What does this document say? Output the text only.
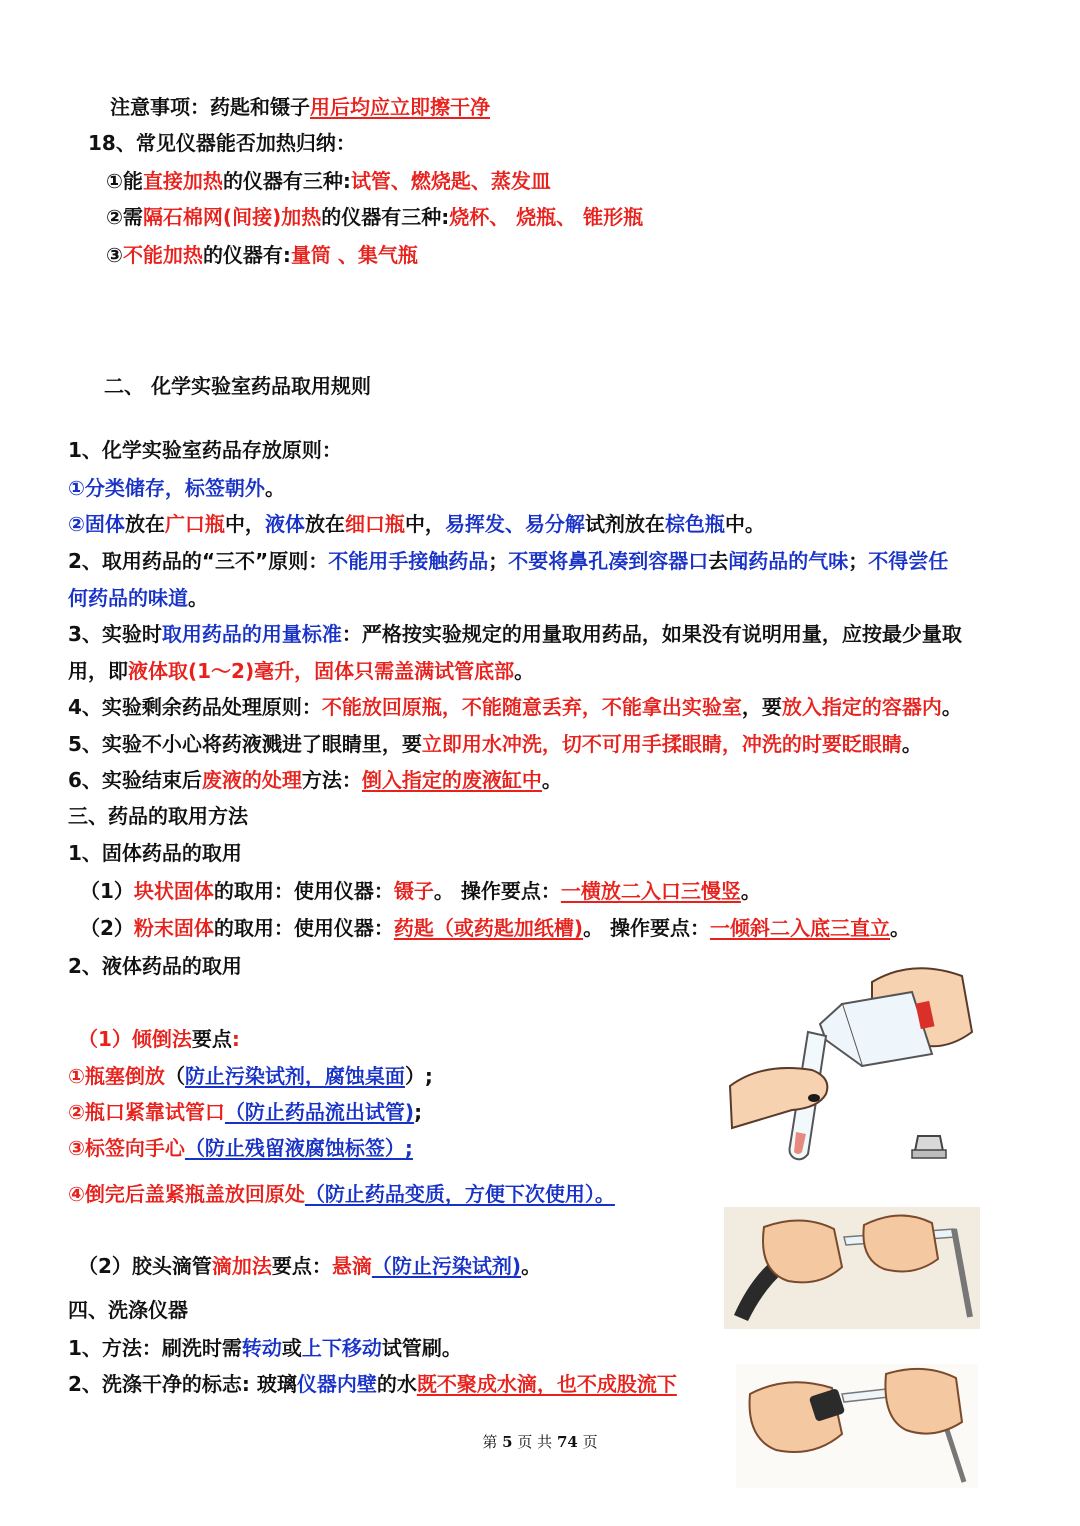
注意事项：药匙和镊子用后均应立即擦干净
18、常见仪器能否加热归纳：
①能直接加热的仪器有三种:试管、燃烧匙、蒸发皿
②需隔石棉网(间接)加热的仪器有三种:烧杯、 烧瓶、 锥形瓶
③不能加热的仪器有:量筒 、集气瓶
二、 化学实验室药品取用规则
1、化学实验室药品存放原则：
①分类储存，标签朝外。
②固体放在广口瓶中，液体放在细口瓶中，易挥发、易分解试剂放在棕色瓶中。
2、取用药品的“三不”原则：不能用手接触药品；不要将鼻孔凑到容器口去闻药品的气味；不得尝任
何药品的味道。
3、实验时取用药品的用量标准：严格按实验规定的用量取用药品，如果没有说明用量，应按最少量取
用，即液体取(1～2)毫升，固体只需盖满试管底部。
4、实验剩余药品处理原则：不能放回原瓶，不能随意丢弃，不能拿出实验室，要放入指定的容器内。
5、实验不小心将药液溅进了眼睛里，要立即用水冲洗，切不可用手揉眼睛，冲洗的时要眨眼睛。
6、实验结束后废液的处理方法：倒入指定的废液缸中。
三、药品的取用方法
1、固体药品的取用
（1）块状固体的取用：使用仪器：镊子。 操作要点：一横放二入口三慢竖。
（2）粉末固体的取用：使用仪器：药匙（或药匙加纸槽)。 操作要点：一倾斜二入底三直立。
2、液体药品的取用
（1）倾倒法要点:
①瓶塞倒放（防止污染试剂，腐蚀桌面）;
②瓶口紧靠试管口（防止药品流出试管);
③标签向手心（防止残留液腐蚀标签）;
④倒完后盖紧瓶盖放回原处（防止药品变质，方便下次使用）。
（2）胶头滴管滴加法要点：悬滴（防止污染试剂)。
四、洗涤仪器
1、方法：刷洗时需转动或上下移动试管刷。
2、洗涤干净的标志: 玻璃仪器内壁的水既不聚成水滴，也不成股流下
第 5 页 共 74 页
